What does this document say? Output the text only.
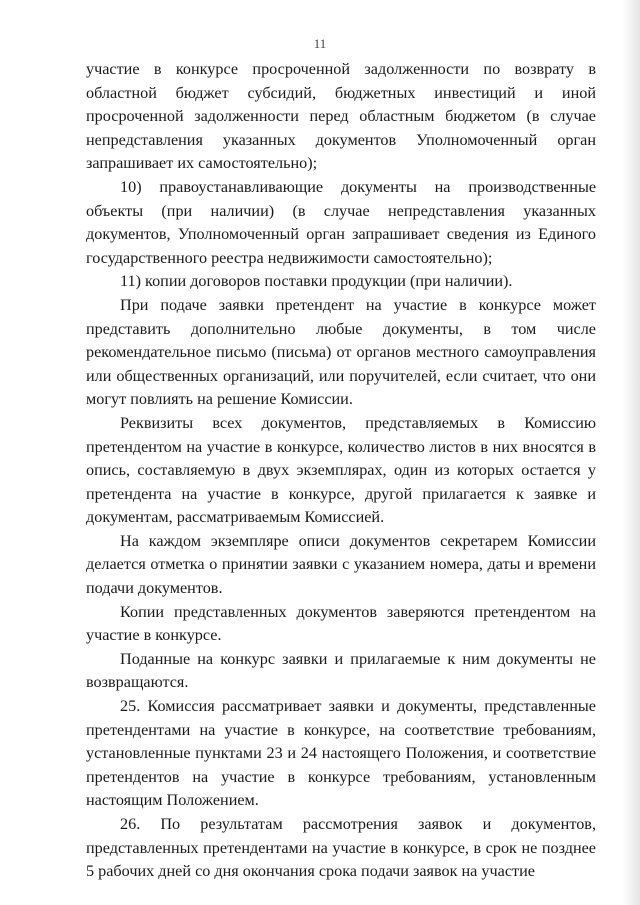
11

участие в конкурсе просроченной задолженности по возврату в областной бюджет субсидий, бюджетных инвестиций и иной просроченной задолженности перед областным бюджетом (в случае непредставления указанных документов Уполномоченный орган запрашивает их самостоятельно);

10) правоустанавливающие документы на производственные объекты (при наличии) (в случае непредставления указанных документов, Уполномоченный орган запрашивает сведения из Единого государственного реестра недвижимости самостоятельно);

11) копии договоров поставки продукции (при наличии).

При подаче заявки претендент на участие в конкурсе может представить дополнительно любые документы, в том числе рекомендательное письмо (письма) от органов местного самоуправления или общественных организаций, или поручителей, если считает, что они могут повлиять на решение Комиссии.

Реквизиты всех документов, представляемых в Комиссию претендентом на участие в конкурсе, количество листов в них вносятся в опись, составляемую в двух экземплярах, один из которых остается у претендента на участие в конкурсе, другой прилагается к заявке и документам, рассматриваемым Комиссией.

На каждом экземпляре описи документов секретарем Комиссии делается отметка о принятии заявки с указанием номера, даты и времени подачи документов.

Копии представленных документов заверяются претендентом на участие в конкурсе.

Поданные на конкурс заявки и прилагаемые к ним документы не возвращаются.

25. Комиссия рассматривает заявки и документы, представленные претендентами на участие в конкурсе, на соответствие требованиям, установленные пунктами 23 и 24 настоящего Положения, и соответствие претендентов на участие в конкурсе требованиям, установленным настоящим Положением.

26. По результатам рассмотрения заявок и документов, представленных претендентами на участие в конкурсе, в срок не позднее 5 рабочих дней со дня окончания срока подачи заявок на участие
